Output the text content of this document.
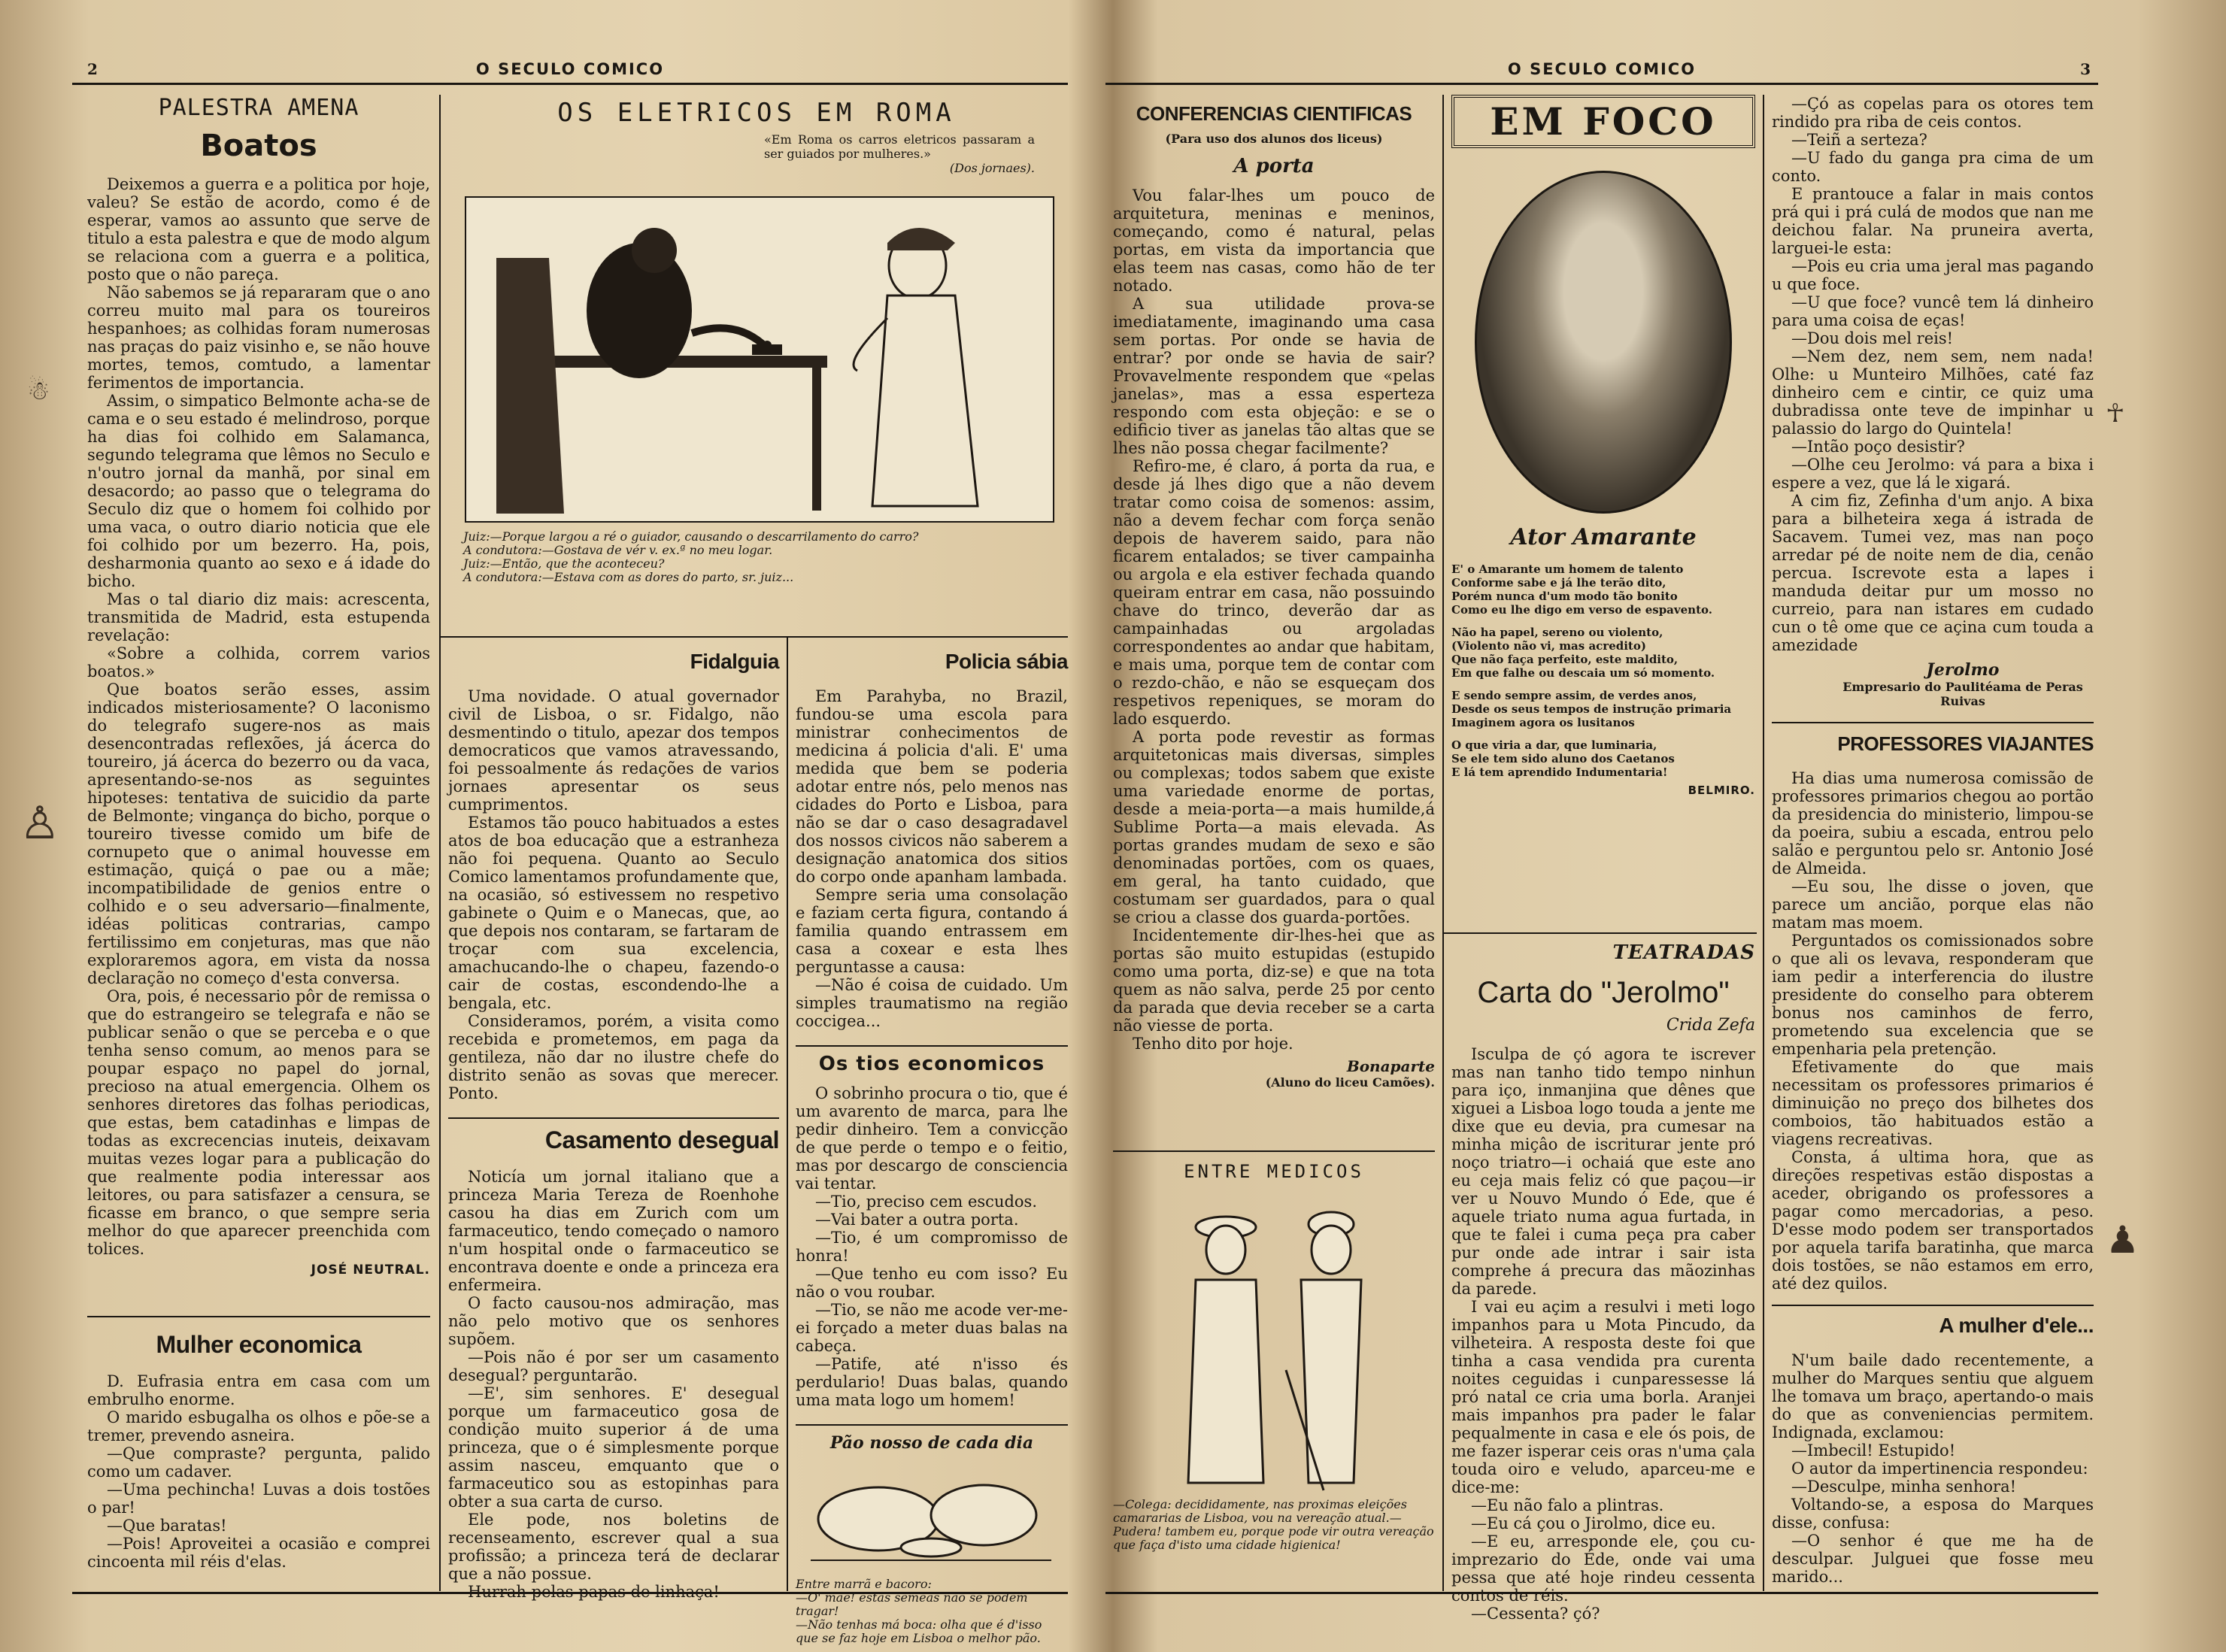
2	O SECULO COMICO
PALESTRA AMENA
Boatos

Deixemos a guerra e a politica por hoje, valeu? Se estão de acordo, como é de esperar, vamos ao assunto que serve de titulo a esta palestra e que de modo algum se relaciona com a guerra e a politica, posto que o não pareça.

Não sabemos se já repararam que o ano correu muito mal para os toureiros hespanhoes; as colhidas foram numerosas nas praças do paiz visinho e, se não houve mortes, temos, comtudo, a lamentar ferimentos de importancia.

Assim, o simpatico Belmonte acha-se de cama e o seu estado é melindroso, porque ha dias foi colhido em Salamanca, segundo telegrama que lêmos no Seculo e n'outro jornal da manhã, por sinal em desacordo; ao passo que o telegrama do Seculo diz que o homem foi colhido por uma vaca, o outro diario noticia que ele foi colhido por um bezerro. Ha, pois, desharmonia quanto ao sexo e á idade do bicho.

Mas o tal diario diz mais: acrescenta, transmitida de Madrid, esta estupenda revelação:

«Sobre a colhida, correm varios boatos.»

Que boatos serão esses, assim indicados misteriosamente? O laconismo do telegrafo sugere-nos as mais desencontradas reflexões, já ácerca do toureiro, já ácerca do bezerro ou da vaca, apresentando-se-nos as seguintes hipoteses: tentativa de suicidio da parte de Belmonte; vingança do bicho, porque o toureiro tivesse comido um bife de cornupeto que o animal houvesse em estimação, quiçá o pae ou a mãe; incompatibilidade de genios entre o colhido e o seu adversario—finalmente, idéas politicas contrarias, campo fertilissimo em conjeturas, mas que não exploraremos agora, em vista da nossa declaração no começo d'esta conversa.

Ora, pois, é necessario pôr de remissa o que do estrangeiro se telegrafa e não se publicar senão o que se perceba e o que tenha senso comum, ao menos para se poupar espaço no papel do jornal, precioso na atual emergencia. Olhem os senhores diretores das folhas periodicas, que estas, bem catadinhas e limpas de todas as excrecencias inuteis, deixavam muitas vezes logar para a publicação do que realmente podia interessar aos leitores, ou para satisfazer a censura, se ficasse em branco, o que sempre seria melhor do que aparecer preenchida com tolices.

JOSÉ NEUTRAL.
Mulher economica

D. Eufrasia entra em casa com um embrulho enorme.

O marido esbugalha os olhos e põe-se a tremer, prevendo asneira.

—Que compraste? pergunta, palido como um cadaver.

—Uma pechincha! Luvas a dois tostões o par!

—Que baratas!

—Pois! Aproveitei a ocasião e comprei cincoenta mil réis d'elas.

OS ELETRICOS EM ROMA
«Em Roma os carros eletricos passaram a ser guiados por mulheres.»
(Dos jornaes).
Juiz:—Porque largou a ré o guiador, causando o descarrilamento do carro?
A condutora:—Gostava de vér v. ex.ª no meu logar.
Juiz:—Então, que the aconteceu?
A condutora:—Estava com as dores do parto, sr. juiz...
Fidalguia

Uma novidade. O atual governador civil de Lisboa, o sr. Fidalgo, não desmentindo o titulo, apezar dos tempos democraticos que vamos atravessando, foi pessoalmente ás redações de varios jornaes apresentar os seus cumprimentos.

Estamos tão pouco habituados a estes atos de boa educação que a estranheza não foi pequena. Quanto ao Seculo Comico lamentamos profundamente que, na ocasião, só estivessem no respetivo gabinete o Quim e o Manecas, que, ao que depois nos contaram, se fartaram de troçar com sua excelencia, amachucando-lhe o chapeu, fazendo-o cair de costas, escondendo-lhe a bengala, etc.

Consideramos, porém, a visita como recebida e prometemos, em paga da gentileza, não dar no ilustre chefe do distrito senão as sovas que merecer. Ponto.

Casamento desegual

Noticía um jornal italiano que a princeza Maria Tereza de Roenhohe casou ha dias em Zurich com um farmaceutico, tendo começado o namoro n'um hospital onde o farmaceutico se encontrava doente e onde a princeza era enfermeira.

O facto causou-nos admiração, mas não pelo motivo que os senhores supõem.

—Pois não é por ser um casamento desegual? perguntarão.

—E', sim senhores. E' desegual porque um farmaceutico gosa de condição muito superior á de uma princeza, que o é simplesmente porque assim nasceu, emquanto que o farmaceutico sou as estopinhas para obter a sua carta de curso.

Ele pode, nos boletins de recenseamento, escrever qual a sua profissão; a princeza terá de declarar que a não possue.

Hurrah pelas papas de linhaça!

Policia sábia

Em Parahyba, no Brazil, fundou-se uma escola para ministrar conhecimentos de medicina á policia d'ali. E' uma medida que bem se poderia adotar entre nós, pelo menos nas cidades do Porto e Lisboa, para não se dar o caso desagradavel dos nossos civicos não saberem a designação anatomica dos sitios do corpo onde apanham lambada.

Sempre seria uma consolação e faziam certa figura, contando á familia quando entrassem em casa a coxear e esta lhes perguntasse a causa:

—Não é coisa de cuidado. Um simples traumatismo na região coccigea...

Os tios economicos

O sobrinho procura o tio, que é um avarento de marca, para lhe pedir dinheiro. Tem a convicção de que perde o tempo e o feitio, mas por descargo de consciencia vai tentar.

—Tio, preciso cem escudos.

—Vai bater a outra porta.

—Tio, é um compromisso de honra!

—Que tenho eu com isso? Eu não o vou roubar.

—Tio, se não me acode ver-me-ei forçado a meter duas balas na cabeça.

—Patife, até n'isso és perdulario! Duas balas, quando uma mata logo um homem!

Pão nosso de cada dia
Entre marrã e bacoro:
—O' mãe! estas sêmeas não se podem tragar!
—Não tenhas má boca: olha que é d'isso que se faz hoje em Lisboa o melhor pão.
☃
♙
O SECULO COMICO	3
CONFERENCIAS CIENTIFICAS
(Para uso dos alunos dos liceus)
A porta

Vou falar-lhes um pouco de arquitetura, meninas e meninos, começando, como é natural, pelas portas, em vista da importancia que elas teem nas casas, como hão de ter notado.

A sua utilidade prova-se imediatamente, imaginando uma casa sem portas. Por onde se havia de entrar? por onde se havia de sair? Provavelmente respondem que «pelas janelas», mas a essa esperteza respondo com esta objeção: e se o edificio tiver as janelas tão altas que se lhes não possa chegar facilmente?

Refiro-me, é claro, á porta da rua, e desde já lhes digo que a não devem tratar como coisa de somenos: assim, não a devem fechar com força senão depois de haverem saido, para não ficarem entalados; se tiver campainha ou argola e ela estiver fechada quando queiram entrar em casa, não possuindo chave do trinco, deverão dar as campainhadas ou argoladas correspondentes ao andar que habitam, e mais uma, porque tem de contar com o rezdo-chão, e não se esqueçam dos respetivos repeniques, se moram do lado esquerdo.

A porta pode revestir as formas arquitetonicas mais diversas, simples ou complexas; todos sabem que existe uma variedade enorme de portas, desde a meia-porta—a mais humilde,á Sublime Porta—a mais elevada. As portas grandes mudam de sexo e são denominadas portões, com os quaes, em geral, ha tanto cuidado, que costumam ser guardados, para o qual se criou a classe dos guarda-portões.

Incidentemente dir-lhes-hei que as portas são muito estupidas (estupido como uma porta, diz-se) e que na tota quem as não salva, perde 25 por cento da parada que devia receber se a carta não viesse de porta.

Tenho dito por hoje.

Bonaparte
(Aluno do liceu Camões).
ENTRE MEDICOS
—Colega: decididamente, nas proximas eleições camararias de Lisboa, vou na vereação atual.—Pudera! tambem eu, porque pode vir outra vereação que faça d'isto uma cidade higienica!
EM FOCO
Ator Amarante
E' o Amarante um homem de talento
Conforme sabe e já lhe terão dito,
Porém nunca d'um modo tão bonito
Como eu lhe digo em verso de espavento.
Não ha papel, sereno ou violento,
(Violento não vi, mas acredito)
Que não faça perfeito, este maldito,
Em que falhe ou descaia um só momento.
E sendo sempre assim, de verdes anos,
Desde os seus tempos de instrução primaria
Imaginem agora os lusitanos
O que viria a dar, que luminaria,
Se ele tem sido aluno dos Caetanos
E lá tem aprendido Indumentaria!
BELMIRO.
TEATRADAS
Carta do "Jerolmo"
Crida Zefa

Isculpa de çó agora te iscrever mas nan tanho tido tempo ninhun para iço, inmanjina que dênes que xiguei a Lisboa logo touda a jente me dixe que eu devia, pra cumesar na minha miçâo de iscriturar jente pró noço triatro—i ochaiá que este ano eu ceja mais feliz có que paçou—ir ver u Nouvo Mundo ó Ede, que é aquele triato numa agua furtada, in que te falei i cuma peça pra caber pur onde ade intrar i sair ista comprehe á precura das mãozinhas da parede.

I vai eu açim a resulvi i meti logo impanhos para u Mota Pincudo, da vilheteira. A resposta deste foi que tinha a casa vendida pra curenta noites ceguidas i cunparessesse lá pró natal ce cria uma borla. Aranjei mais impanhos pra pader le falar pequalmente in casa e ele ós pois, de me fazer isperar ceis oras n'uma çala touda oiro e veludo, aparceu-me e dice-me:

—Eu não falo a plintras.

—Eu cá çou o Jirolmo, dice eu.

—E eu, arresponde ele, çou cu-imprezario do Éde, onde vai uma pessa que até hoje rindeu cessenta contos de réis.

—Cessenta? çó?

—Çó as copelas para os otores tem rindido pra riba de ceis contos.

—Teiñ a serteza?

—U fado du ganga pra cima de um conto.

E prantouce a falar in mais contos prá qui i prá culá de modos que nan me deichou falar. Na pruneira averta, larguei-le esta:

—Pois eu cria uma jeral mas pagando u que foce.

—U que foce? vuncê tem lá dinheiro para uma coisa de eças!

—Dou dois mel reis!

—Nem dez, nem sem, nem nada! Olhe: u Munteiro Milhões, caté faz dinheiro cem e cintir, ce quiz uma dubradissa onte teve de impinhar u palassio do largo do Quintela!

—Intão poço desistir?

—Olhe ceu Jerolmo: vá para a bixa i espere a vez, que lá le xigará.

A cim fiz, Zefinha d'um anjo. A bixa para a bilheteira xega á istrada de Sacavem. Tumei vez, mas nan poço arredar pé de noite nem de dia, cenão percua. Iscrevote esta a lapes i manduda deitar pur um mosso no curreio, para nan istares em cudado cun o tê ome que ce açina cum touda a amezidade

Jerolmo
Empresario do Paulitéama de Peras Ruivas
PROFESSORES VIAJANTES

Ha dias uma numerosa comissão de professores primarios chegou ao portão da presidencia do ministerio, limpou-se da poeira, subiu a escada, entrou pelo salão e perguntou pelo sr. Antonio José de Almeida.

—Eu sou, lhe disse o joven, que parece um ancião, porque elas não matam mas moem.

Perguntados os comissionados sobre o que ali os levava, responderam que iam pedir a interferencia do ilustre presidente do conselho para obterem bonus nos caminhos de ferro, prometendo sua excelencia que se empenharia pela pretenção.

Efetivamente do que mais necessitam os professores primarios é diminuição no preço dos bilhetes dos comboios, tão habituados estão a viagens recreativas.

Consta, á ultima hora, que as direções respetivas estão dispostas a aceder, obrigando os professores a pagar como mercadorias, a peso. D'esse modo podem ser transportados por aquela tarifa baratinha, que marca dois tostões, se não estamos em erro, até dez quilos.

A mulher d'ele...

N'um baile dado recentemente, a mulher do Marques sentiu que alguem lhe tomava um braço, apertando-o mais do que as conveniencias permitem. Indignada, exclamou:

—Imbecil! Estupido!

O autor da impertinencia respondeu:

—Desculpe, minha senhora!

Voltando-se, a esposa do Marques disse, confusa:

—O senhor é que me ha de desculpar. Julguei que fosse meu marido...

☥
♟
